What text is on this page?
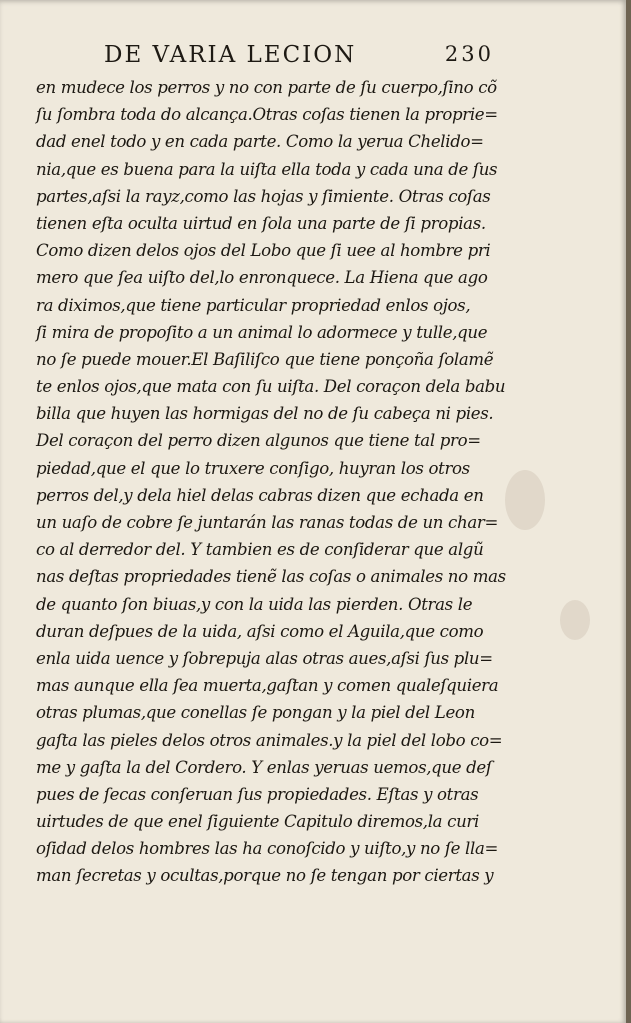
DE VARIA LECION	230
en mudece los perros y no con parte de ſu cuerpo,ſino cõ
ſu ſombra toda do alcança.Otras coſas tienen la proprie=
dad enel todo y en cada parte. Como la yerua Chelido=
nia,que es buena para la uiſta ella toda y cada una de ſus
partes,aſsi la rayz,como las hojas y ſimiente. Otras coſas
tienen eſta oculta uirtud en ſola una parte de ſi propias.
Como dizen delos ojos del Lobo que ſi uee al hombre pri
mero que ſea uiſto del,lo enronquece. La Hiena que ago
ra diximos,que tiene particular propriedad enlos ojos,
ſi mira de propoſito a un animal lo adormece y tulle,que
no ſe puede mouer.El Baſiliſco que tiene ponçoña ſolamẽ
te enlos ojos,que mata con ſu uiſta. Del coraçon dela babu
billa que huyen las hormigas del no de ſu cabeça ni pies.
Del coraçon del perro dizen algunos que tiene tal pro=
piedad,que el que lo truxere conſigo, huyran los otros
perros del,y dela hiel delas cabras dizen que echada en
un uaſo de cobre ſe juntarán las ranas todas de un char=
co al derredor del. Y tambien es de conſiderar que algũ
nas deſtas propriedades tienẽ las coſas o animales no mas
de quanto ſon biuas,y con la uida las pierden. Otras le
duran deſpues de la uida, aſsi como el Aguila,que como
enla uida uence y ſobrepuja alas otras aues,aſsi ſus plu=
mas aunque ella ſea muerta,gaſtan y comen qualeſquiera
otras plumas,que conellas ſe pongan y la piel del Leon
gaſta las pieles delos otros animales.y la piel del lobo co=
me y gaſta la del Cordero. Y enlas yeruas uemos,que deſ
pues de ſecas conſeruan ſus propiedades. Eſtas y otras
uirtudes de que enel ſiguiente Capitulo diremos,la curi
oſidad delos hombres las ha conoſcido y uiſto,y no ſe lla=
man ſecretas y ocultas,porque no ſe tengan por ciertas y
